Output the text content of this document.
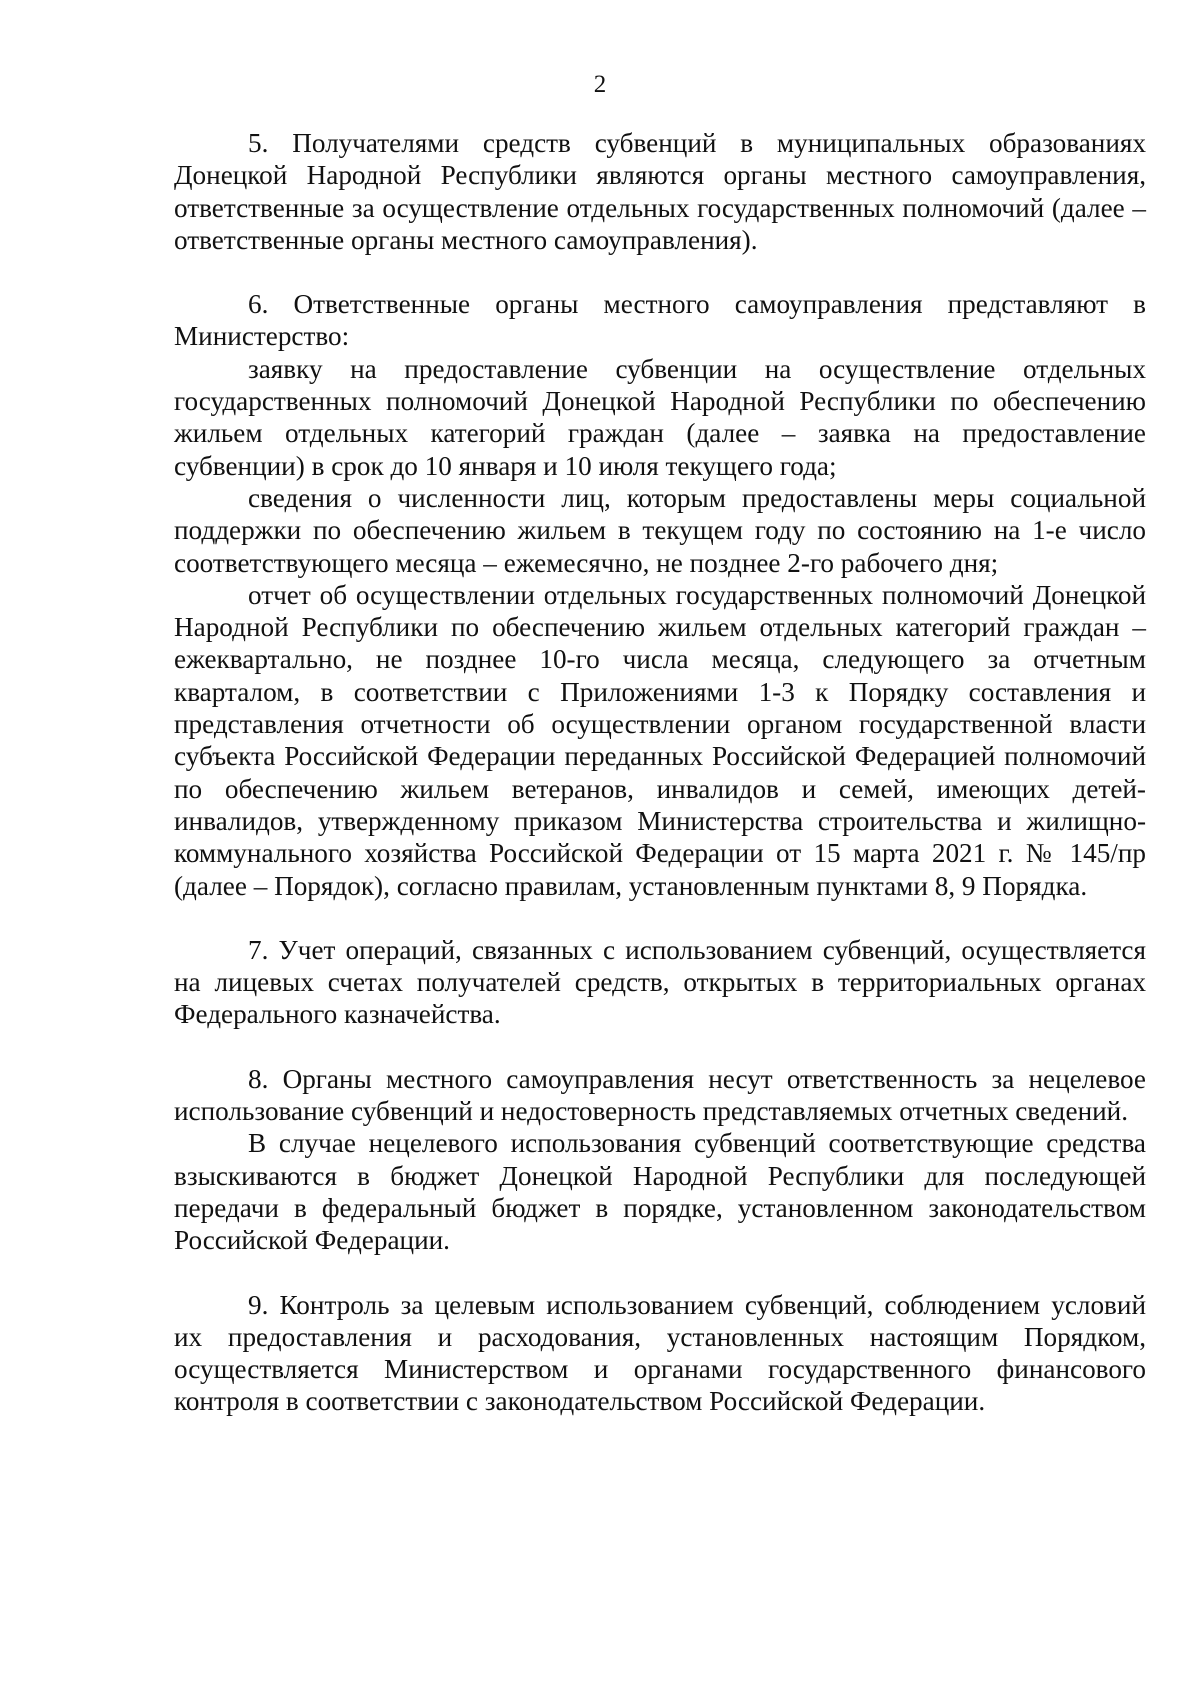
2

5. Получателями средств субвенций в муниципальных образованиях Донецкой Народной Республики являются органы местного самоуправления, ответственные за осуществление отдельных государственных полномочий (далее – ответственные органы местного самоуправления).

6. Ответственные органы местного самоуправления представляют в Министерство:

заявку на предоставление субвенции на осуществление отдельных государственных полномочий Донецкой Народной Республики по обеспечению жильем отдельных категорий граждан (далее – заявка на предоставление субвенции) в срок до 10 января и 10 июля текущего года;

сведения о численности лиц, которым предоставлены меры социальной поддержки по обеспечению жильем в текущем году по состоянию на 1-е число соответствующего месяца – ежемесячно, не позднее 2-го рабочего дня;

отчет об осуществлении отдельных государственных полномочий Донецкой Народной Республики по обеспечению жильем отдельных категорий граждан – ежеквартально, не позднее 10-го числа месяца, следующего за отчетным кварталом, в соответствии с Приложениями 1-3 к Порядку составления и представления отчетности об осуществлении органом государственной власти субъекта Российской Федерации переданных Российской Федерацией полномочий по обеспечению жильем ветеранов, инвалидов и семей, имеющих детей-инвалидов, утвержденному приказом Министерства строительства и жилищно-коммунального хозяйства Российской Федерации от 15 марта 2021 г. № 145/пр (далее – Порядок), согласно правилам, установленным пунктами 8, 9 Порядка.

7. Учет операций, связанных с использованием субвенций, осуществляется на лицевых счетах получателей средств, открытых в территориальных органах Федерального казначейства.

8. Органы местного самоуправления несут ответственность за нецелевое использование субвенций и недостоверность представляемых отчетных сведений.

В случае нецелевого использования субвенций соответствующие средства взыскиваются в бюджет Донецкой Народной Республики для последующей передачи в федеральный бюджет в порядке, установленном законодательством Российской Федерации.

9. Контроль за целевым использованием субвенций, соблюдением условий их предоставления и расходования, установленных настоящим Порядком, осуществляется Министерством и органами государственного финансового контроля в соответствии с законодательством Российской Федерации.
